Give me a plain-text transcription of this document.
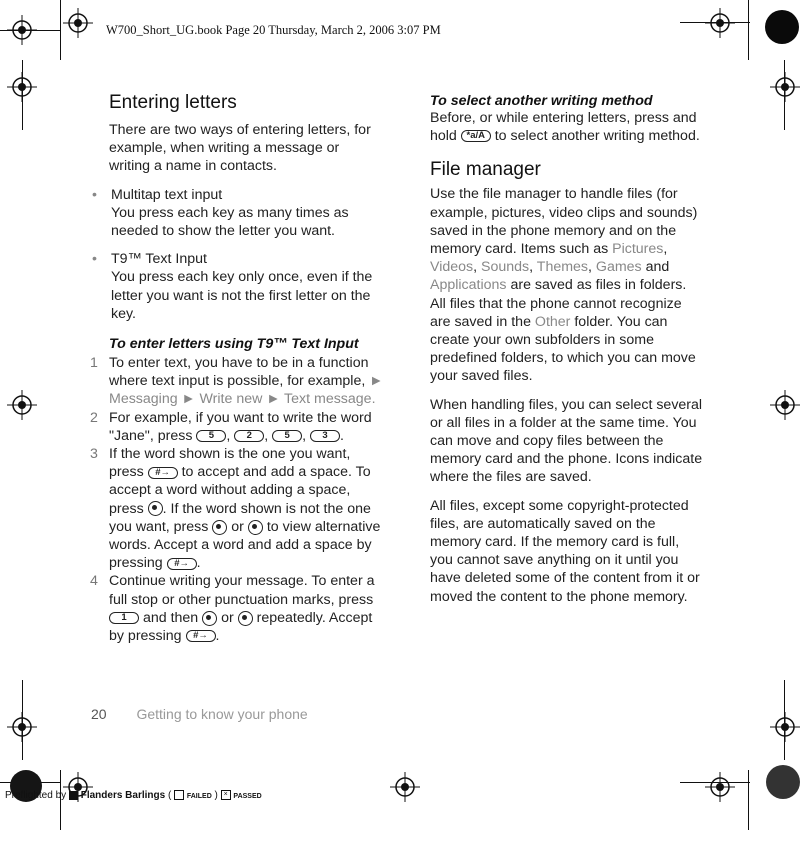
W700_Short_UG.book Page 20 Thursday, March 2, 2006 3:07 PM
Entering letters
There are two ways of entering letters, for example, when writing a message or writing a name in contacts.
• Multitap text input
You press each key as many times as needed to show the letter you want.
• T9™ Text Input
You press each key only once, even if the letter you want is not the first letter on the key.
To enter letters using T9™ Text Input
1 To enter text, you have to be in a function where text input is possible, for example, ► Messaging ► Write new ► Text message.
2 For example, if you want to write the word "Jane", press 5 , 2 , 5 , 3 .
3 If the word shown is the one you want, press #→ to accept and add a space. To accept a word without adding a space, press . If the word shown is not the one you want, press or to view alternative words. Accept a word and add a space by pressing #→ .
4 Continue writing your message. To enter a full stop or other punctuation marks, press 1 and then or repeatedly. Accept by pressing #→ .
To select another writing method
Before, or while entering letters, press and hold *a/A to select another writing method.
File manager
Use the file manager to handle files (for example, pictures, video clips and sounds) saved in the phone memory and on the memory card. Items such as Pictures, Videos, Sounds, Themes, Games and Applications are saved as files in folders. All files that the phone cannot recognize are saved in the Other folder. You can create your own subfolders in some predefined folders, to which you can move your saved files.
When handling files, you can select several or all files in a folder at the same time. You can move and copy files between the memory card and the phone. Icons indicate where the files are saved.
All files, except some copyright-protected files, are automatically saved on the memory card. If the memory card is full, you cannot save anything on it until you have deleted some of the content from it or moved the content to the phone memory.
20 Getting to know your phone
Preflighted by Flanders Barlings (  FAILED ) × PASSED
